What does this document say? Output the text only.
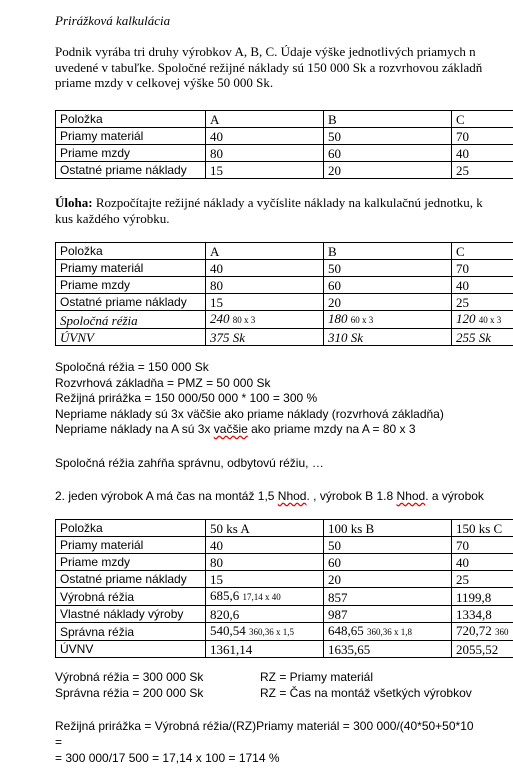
Prirážková kalkulácia
Podnik vyrába tri druhy výrobkov A, B, C. Údaje výške jednotlivých priamych n
uvedené v tabuľke. Spoločné režijné náklady sú 150 000 Sk a rozvrhovou základň
priame mzdy v celkovej výške 50 000 Sk.
Položka	A	B	C
Priamy materiál	40	50	70
Priame mzdy	80	60	40
Ostatné priame náklady	15	20	25
Úloha: Rozpočítajte režijné náklady a vyčíslite náklady na kalkulačnú jednotku, k
kus každého výrobku.
Položka	A	B	C
Priamy materiál	40	50	70
Priame mzdy	80	60	40
Ostatné priame náklady	15	20	25
Spoločná réžia	240 80 x 3	180 60 x 3	120 40 x 3
ÚVNV	375 Sk	310 Sk	255 Sk
Spoločná réžia = 150 000 Sk
Rozvrhová základňa = PMZ = 50 000 Sk
Režijná prirážka = 150 000/50 000 * 100 = 300 %
Nepriame náklady sú 3x väčšie ako priame náklady (rozvrhová základňa)
Nepriame náklady na A sú 3x vačšie ako priame mzdy na A = 80 x 3
Spoločná réžia zahŕňa správnu, odbytovú réžiu, …
2. jeden výrobok A má čas na montáž 1,5 Nhod. , výrobok B 1.8 Nhod. a výrobok
Položka	50 ks A	100 ks B	150 ks C
Priamy materiál	40	50	70
Priame mzdy	80	60	40
Ostatné priame náklady	15	20	25
Výrobná réžia	685,6 17,14 x 40	857	1199,8
Vlastné náklady výroby	820,6	987	1334,8
Správna réžia	540,54 360,36 x 1,5	648,65 360,36 x 1,8	720,72 360
ÚVNV	1361,14	1635,65	2055,52
Výrobná réžia = 300 000 Sk
Správna réžia = 200 000 Sk
RZ = Priamy materiál
RZ = Čas na montáž všetkých výrobkov
Režijná prirážka = Výrobná réžia/(RZ)Priamy materiál = 300 000/(40*50+50*10
=
= 300 000/17 500 = 17,14 x 100 = 1714 %
